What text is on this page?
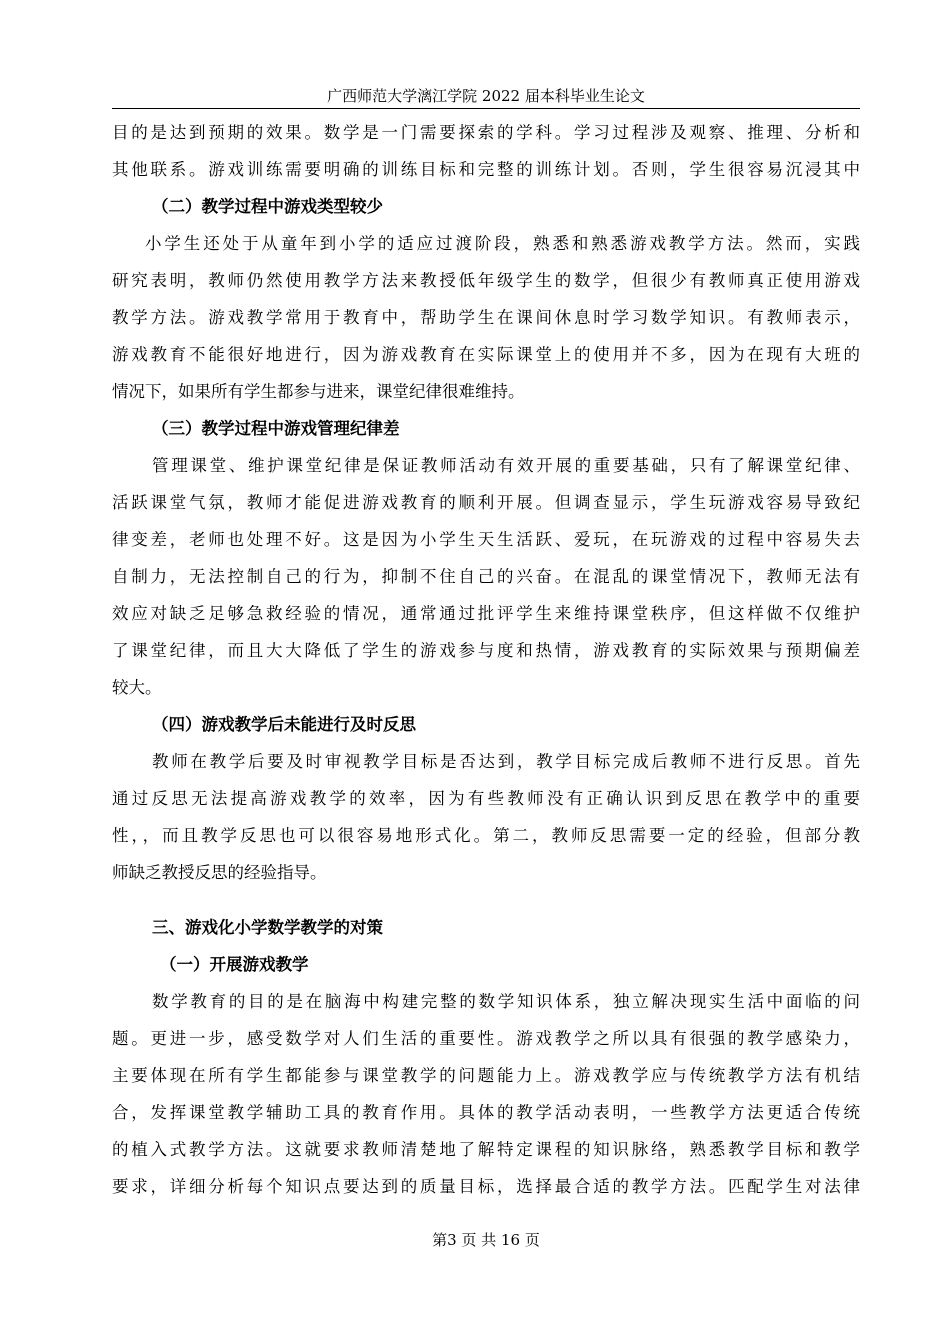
广西师范大学漓江学院 2022 届本科毕业生论文
目的是达到预期的效果。数学是一门需要探索的学科。学习过程涉及观察、推理、分析和
其他联系。游戏训练需要明确的训练目标和完整的训练计划。否则，学生很容易沉浸其中
（二）教学过程中游戏类型较少
小学生还处于从童年到小学的适应过渡阶段，熟悉和熟悉游戏教学方法。然而，实践
研究表明，教师仍然使用教学方法来教授低年级学生的数学，但很少有教师真正使用游戏
教学方法。游戏教学常用于教育中，帮助学生在课间休息时学习数学知识。有教师表示，
游戏教育不能很好地进行，因为游戏教育在实际课堂上的使用并不多，因为在现有大班的
情况下，如果所有学生都参与进来，课堂纪律很难维持。
（三）教学过程中游戏管理纪律差
管理课堂、维护课堂纪律是保证教师活动有效开展的重要基础，只有了解课堂纪律、
活跃课堂气氛，教师才能促进游戏教育的顺利开展。但调查显示，学生玩游戏容易导致纪
律变差，老师也处理不好。这是因为小学生天生活跃、爱玩，在玩游戏的过程中容易失去
自制力，无法控制自己的行为，抑制不住自己的兴奋。在混乱的课堂情况下，教师无法有
效应对缺乏足够急救经验的情况，通常通过批评学生来维持课堂秩序，但这样做不仅维护
了课堂纪律，而且大大降低了学生的游戏参与度和热情，游戏教育的实际效果与预期偏差
较大。
（四）游戏教学后未能进行及时反思
教师在教学后要及时审视教学目标是否达到，教学目标完成后教师不进行反思。首先
通过反思无法提高游戏教学的效率，因为有些教师没有正确认识到反思在教学中的重要
性，，而且教学反思也可以很容易地形式化。第二，教师反思需要一定的经验，但部分教
师缺乏教授反思的经验指导。
三、游戏化小学数学教学的对策
（一）开展游戏教学
数学教育的目的是在脑海中构建完整的数学知识体系，独立解决现实生活中面临的问
题。更进一步，感受数学对人们生活的重要性。游戏教学之所以具有很强的教学感染力，
主要体现在所有学生都能参与课堂教学的问题能力上。游戏教学应与传统教学方法有机结
合，发挥课堂教学辅助工具的教育作用。具体的教学活动表明，一些教学方法更适合传统
的植入式教学方法。这就要求教师清楚地了解特定课程的知识脉络，熟悉教学目标和教学
要求，详细分析每个知识点要达到的质量目标，选择最合适的教学方法。匹配学生对法律
第3 页 共 16 页
